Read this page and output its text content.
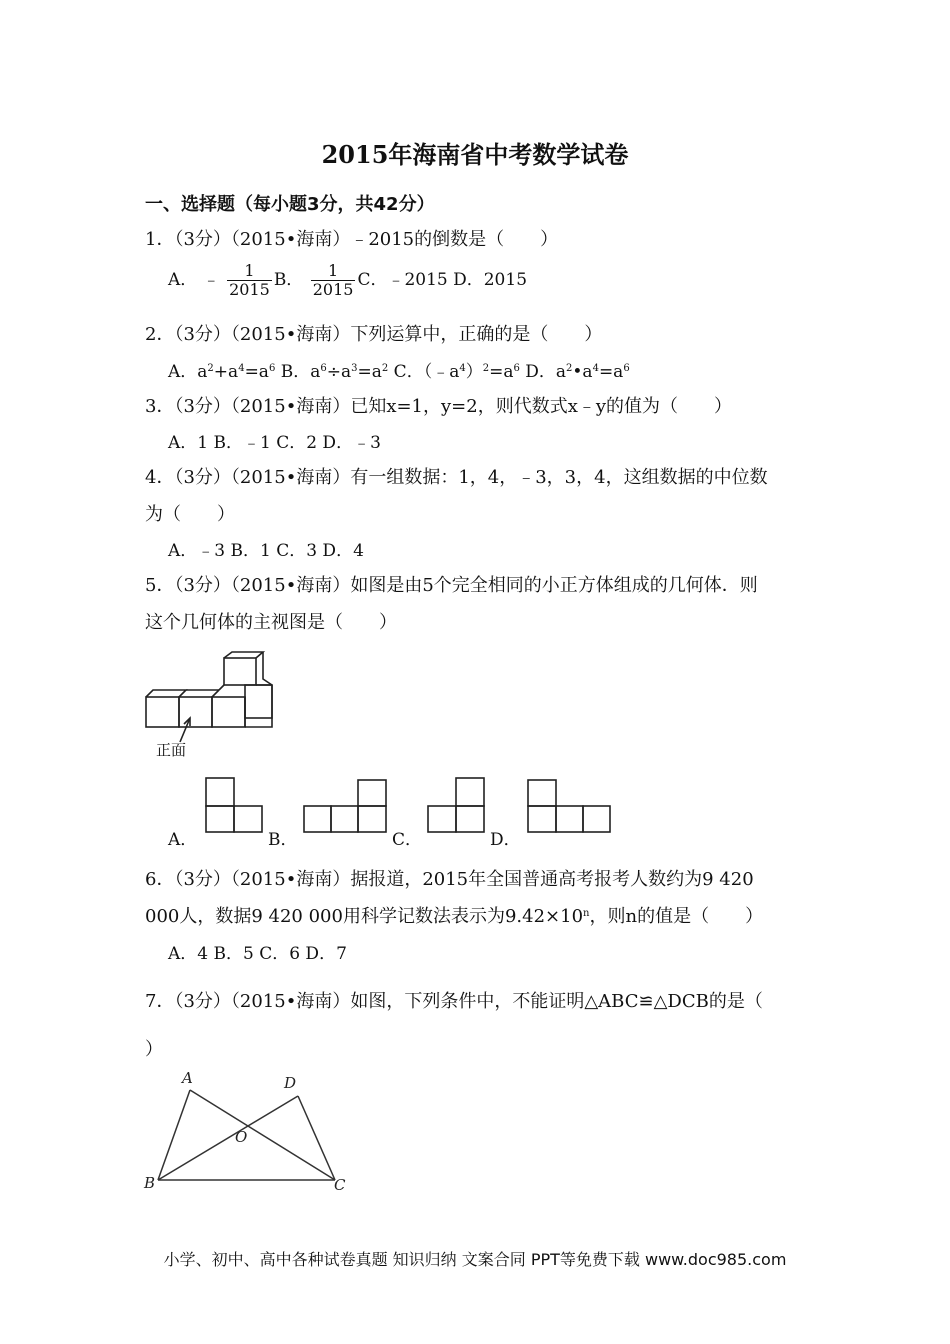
2015年海南省中考数学试卷
一、选择题（每小题3分，共42分）
1．（3分）（2015•海南）﹣2015的倒数是（　　）
A． ﹣ $\frac{1}{2015}$ B． $\frac{1}{2015}$ C．﹣2015 D．2015
2．（3分）（2015•海南）下列运算中，正确的是（　　）
A．$a^2+a^4=a^6$ B．$a^6\div a^3=a^2$ C．$(﹣a^4)^2=a^6$ D．$a^2•a^4=a^6$
3．（3分）（2015•海南）已知x=1，y=2，则代数式x﹣y的值为（　　）
A．1 B．﹣1 C．2 D．﹣3
4．（3分）（2015•海南）有一组数据：1，4，﹣3，3，4，这组数据的中位数
为（　　）
A．﹣3 B．1 C．3 D．4
5．（3分）（2015•海南）如图是由5个完全相同的小正方体组成的几何体．则
这个几何体的主视图是（　　）
正面
A．	B．	C．	D．
6．（3分）（2015•海南）据报道，2015年全国普通高考报考人数约为9 420
000人，数据9 420 000用科学记数法表示为$9.42\times 10^n$，则n的值是（　　）
A．4 B．5 C．6 D．7
7．（3分）（2015•海南）如图，下列条件中，不能证明△ABC≌△DCB的是（
）
A
B	C
D
O
小学、初中、高中各种试卷真题 知识归纳 文案合同 PPT等免费下载 www.doc985.com
